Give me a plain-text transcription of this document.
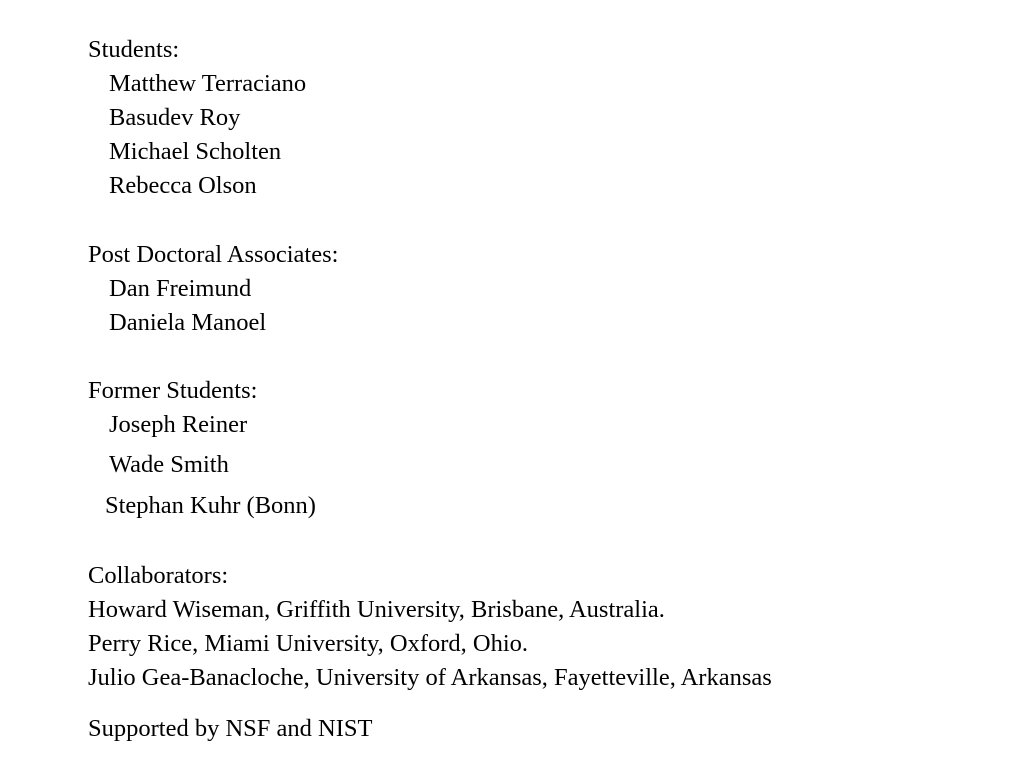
Students:
Matthew Terraciano
Basudev Roy
Michael Scholten
Rebecca Olson
Post Doctoral Associates:
Dan Freimund
Daniela Manoel
Former Students:
Joseph Reiner
Wade Smith
Stephan Kuhr (Bonn)
Collaborators:
Howard Wiseman, Griffith University, Brisbane, Australia.
Perry Rice, Miami University, Oxford, Ohio.
Julio Gea-Banacloche, University of Arkansas, Fayetteville, Arkansas
Supported by NSF and NIST
